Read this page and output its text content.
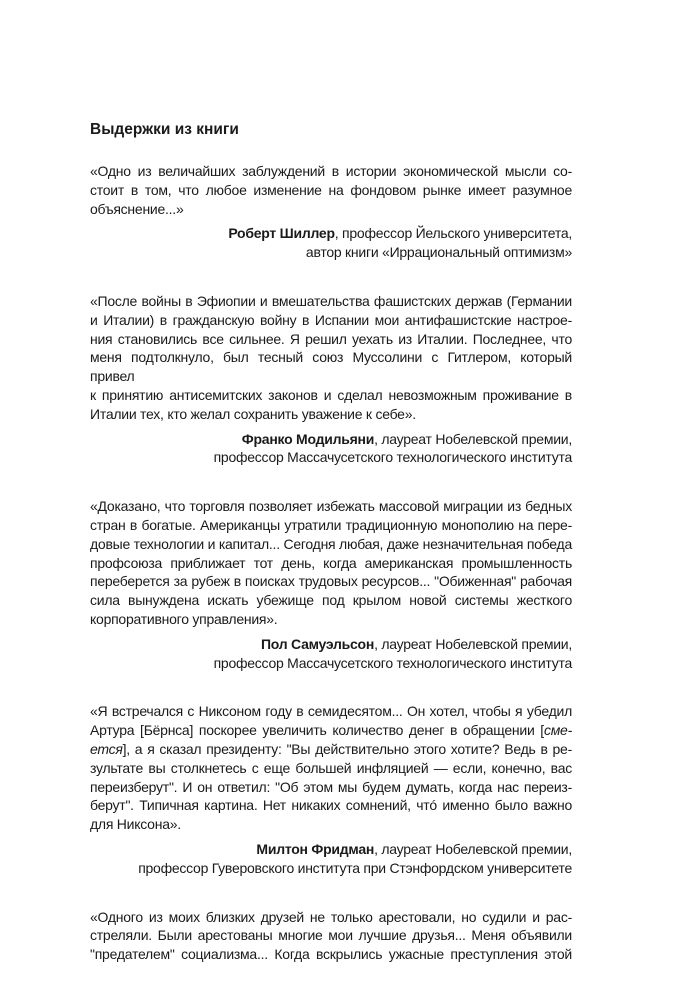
Выдержки из книги
«Одно из величайших заблуждений в истории экономической мысли со-
стоит в том, что любое изменение на фондовом рынке имеет разумное
объяснение...»
Роберт Шиллер, профессор Йельского университета,
автор книги «Иррациональный оптимизм»
«После войны в Эфиопии и вмешательства фашистских держав (Германии
и Италии) в гражданскую войну в Испании мои антифашистские настрое-
ния становились все сильнее. Я решил уехать из Италии. Последнее, что
меня подтолкнуло, был тесный союз Муссолини с Гитлером, который привел
к принятию антисемитских законов и сделал невозможным проживание в
Италии тех, кто желал сохранить уважение к себе».
Франко Модильяни, лауреат Нобелевской премии,
профессор Массачусетского технологического института
«Доказано, что торговля позволяет избежать массовой миграции из бедных
стран в богатые. Американцы утратили традиционную монополию на пере-
довые технологии и капитал... Сегодня любая, даже незначительная победа
профсоюза приближает тот день, когда американская промышленность
переберется за рубеж в поисках трудовых ресурсов... "Обиженная" рабочая
сила вынуждена искать убежище под крылом новой системы жесткого
корпоративного управления».
Пол Самуэльсон, лауреат Нобелевской премии,
профессор Массачусетского технологического института
«Я встречался с Никсоном году в семидесятом... Он хотел, чтобы я убедил
Артура [Бёрнса] поскорее увеличить количество денег в обращении [сме-
ется], а я сказал президенту: "Вы действительно этого хотите? Ведь в ре-
зультате вы столкнетесь с еще большей инфляцией — если, конечно, вас
переизберут". И он ответил: "Об этом мы будем думать, когда нас переиз-
берут". Типичная картина. Нет никаких сомнений, чтó именно было важно
для Никсона».
Милтон Фридман, лауреат Нобелевской премии,
профессор Гуверовского института при Стэнфордском университете
«Одного из моих близких друзей не только арестовали, но судили и рас-
стреляли. Были арестованы многие мои лучшие друзья... Меня объявили
"предателем" социализма... Когда вскрылись ужасные преступления этой
